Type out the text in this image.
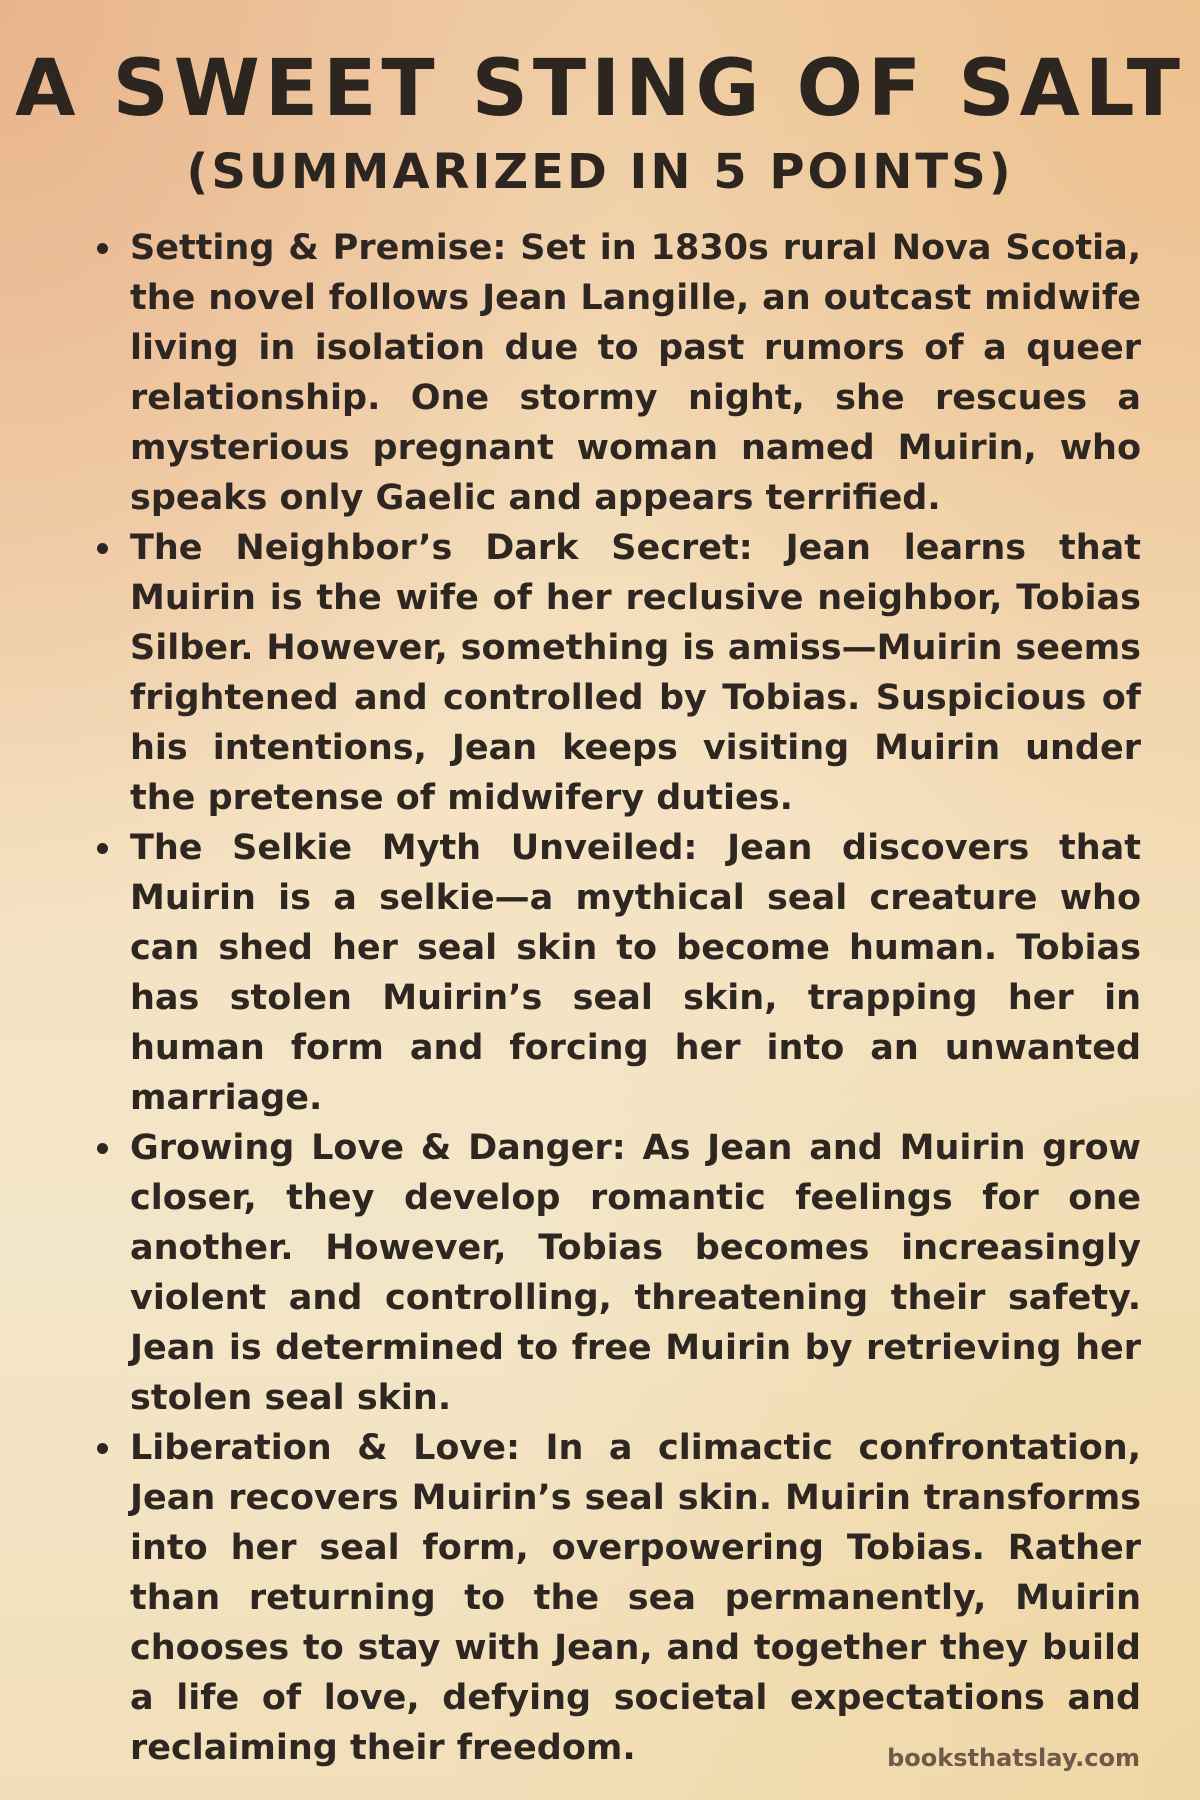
A SWEET STING OF SALT
(SUMMARIZED IN 5 POINTS)
Setting & Premise: Set in 1830s rural Nova Scotia, the novel follows Jean Langille, an outcast midwife living in isolation due to past rumors of a queer relationship. One stormy night, she rescues a mysterious pregnant woman named Muirin, who speaks only Gaelic and appears terrified.
The Neighbor’s Dark Secret: Jean learns that Muirin is the wife of her reclusive neighbor, Tobias Silber. However, something is amiss—Muirin seems frightened and controlled by Tobias. Suspicious of his intentions, Jean keeps visiting Muirin under the pretense of midwifery duties.
The Selkie Myth Unveiled: Jean discovers that Muirin is a selkie—a mythical seal creature who can shed her seal skin to become human. Tobias has stolen Muirin’s seal skin, trapping her in human form and forcing her into an unwanted marriage.
Growing Love & Danger: As Jean and Muirin grow closer, they develop romantic feelings for one another. However, Tobias becomes increasingly violent and controlling, threatening their safety. Jean is determined to free Muirin by retrieving her stolen seal skin.
Liberation & Love: In a climactic confrontation, Jean recovers Muirin’s seal skin. Muirin transforms into her seal form, overpowering Tobias. Rather than returning to the sea permanently, Muirin chooses to stay with Jean, and together they build a life of love, defying societal expectations and reclaiming their freedom.	booksthatslay.com
